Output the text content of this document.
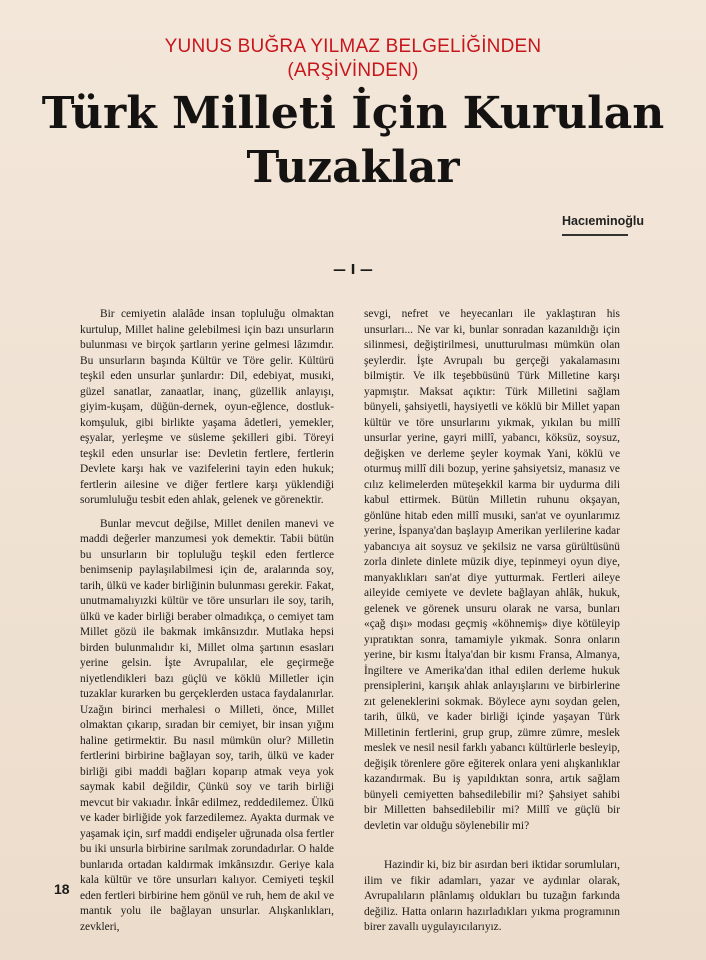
YUNUS BUĞRA YILMAZ BELGELİĞİNDEN
(ARŞİVİNDEN)
Türk Milleti İçin Kurulan
Tuzaklar
Hacıeminoğlu
— I —

Bir cemiyetin alalâde insan topluluğu olmaktan kurtulup, Millet haline gelebilmesi için bazı unsurların bulunması ve birçok şartların yerine gelmesi lâzımdır. Bu unsurların başında Kültür ve Töre gelir. Kültürü teşkil eden unsurlar şunlardır: Dil, edebiyat, musıki, güzel sanatlar, zanaatlar, inanç, güzellik anlayışı, giyim-kuşam, düğün-dernek, oyun-eğlence, dostluk-komşuluk, gibi birlikte yaşama âdetleri, yemekler, eşyalar, yerleşme ve süsleme şekilleri gibi. Töreyi teşkil eden unsurlar ise: Devletin fertlere, fertlerin Devlete karşı hak ve vazifelerini tayin eden hukuk; fertlerin ailesine ve diğer fertlere karşı yüklendiği sorumluluğu tesbit eden ahlak, gelenek ve görenektir.

Bunlar mevcut değilse, Millet denilen manevi ve maddi değerler manzumesi yok demektir. Tabii bütün bu unsurların bir topluluğu teşkil eden fertlerce benimsenip paylaşılabilmesi için de, aralarında soy, tarih, ülkü ve kader birliğinin bulunması gerekir. Fakat, unutmamalıyızki kültür ve töre unsurları ile soy, tarih, ülkü ve kader birliği beraber olmadıkça, o cemiyet tam Millet gözü ile bakmak imkânsızdır. Mutlaka hepsi birden bulunmalıdır ki, Millet olma şartının esasları yerine gelsin. İşte Avrupalılar, ele geçirmeğe niyetlendikleri bazı güçlü ve köklü Milletler için tuzaklar kurarken bu gerçeklerden ustaca faydalanırlar. Uzağın birinci merhalesi o Milleti, önce, Millet olmaktan çıkarıp, sıradan bir cemiyet, bir insan yığını haline getirmektir. Bu nasıl mümkün olur? Milletin fertlerini birbirine bağlayan soy, tarih, ülkü ve kader birliği gibi maddi bağları koparıp atmak veya yok saymak kabil değildir, Çünkü soy ve tarih birliği mevcut bir vakıadır. İnkâr edilmez, reddedilemez. Ülkü ve kader birliğide yok farzedilemez. Ayakta durmak ve yaşamak için, sırf maddi endişeler uğrunada olsa fertler bu iki unsurla birbirine sarılmak zorundadırlar. O halde bunlarıda ortadan kaldırmak imkânsızdır. Geriye kala kala kültür ve töre unsurları kalıyor. Cemiyeti teşkil eden fertleri birbirine hem gönül ve ruh, hem de akıl ve mantık yolu ile bağlayan unsurlar. Alışkanlıkları, zevkleri,

sevgi, nefret ve heyecanları ile yaklaştıran his unsurları... Ne var ki, bunlar sonradan kazanıldığı için silinmesi, değiştirilmesi, unutturulması mümkün olan şeylerdir. İşte Avrupalı bu gerçeği yakalamasını bilmiştir. Ve ilk teşebbüsünü Türk Milletine karşı yapmıştır. Maksat açıktır: Türk Milletini sağlam bünyeli, şahsiyetli, haysiyetli ve köklü bir Millet yapan kültür ve töre unsurlarını yıkmak, yıkılan bu millî unsurlar yerine, gayri millî, yabancı, köksüz, soysuz, değişken ve derleme şeyler koymak Yani, köklü ve oturmuş millî dili bozup, yerine şahsiyetsiz, manasız ve cılız kelimelerden müteşekkil karma bir uydurma dili kabul ettirmek. Bütün Milletin ruhunu okşayan, gönlüne hitab eden millî musıki, san'at ve oyunlarımız yerine, İspanya'dan başlayıp Amerikan yerlilerine kadar yabancıya ait soysuz ve şekilsiz ne varsa gürültüsünü zorla dinlete dinlete müzik diye, tepinmeyi oyun diye, manyaklıkları san'at diye yutturmak. Fertleri aileye aileyide cemiyete ve devlete bağlayan ahlâk, hukuk, gelenek ve görenek unsuru olarak ne varsa, bunları «çağ dışı» modası geçmiş «köhnemiş» diye kötüleyip yıpratıktan sonra, tamamiyle yıkmak. Sonra onların yerine, bir kısmı İtalya'dan bir kısmı Fransa, Almanya, İngiltere ve Amerika'dan ithal edilen derleme hukuk prensiplerini, karışık ahlak anlayışlarını ve birbirlerine zıt geleneklerini sokmak. Böylece aynı soydan gelen, tarih, ülkü, ve kader birliği içinde yaşayan Türk Milletinin fertlerini, grup grup, zümre zümre, meslek meslek ve nesil nesil farklı yabancı kültürlerle besleyip, değişik törenlere göre eğiterek onlara yeni alışkanlıklar kazandırmak. Bu iş yapıldıktan sonra, artık sağlam bünyeli cemiyetten bahsedilebilir mi? Şahsiyet sahibi bir Milletten bahsedilebilir mi? Millî ve güçlü bir devletin var olduğu söylenebilir mi?

Hazindir ki, biz bir asırdan beri iktidar sorumluları, ilim ve fikir adamları, yazar ve aydınlar olarak, Avrupalıların plânlamış oldukları bu tuzağın farkında değiliz. Hatta onların hazırladıkları yıkma programının birer zavallı uygulayıcılarıyız.

18
